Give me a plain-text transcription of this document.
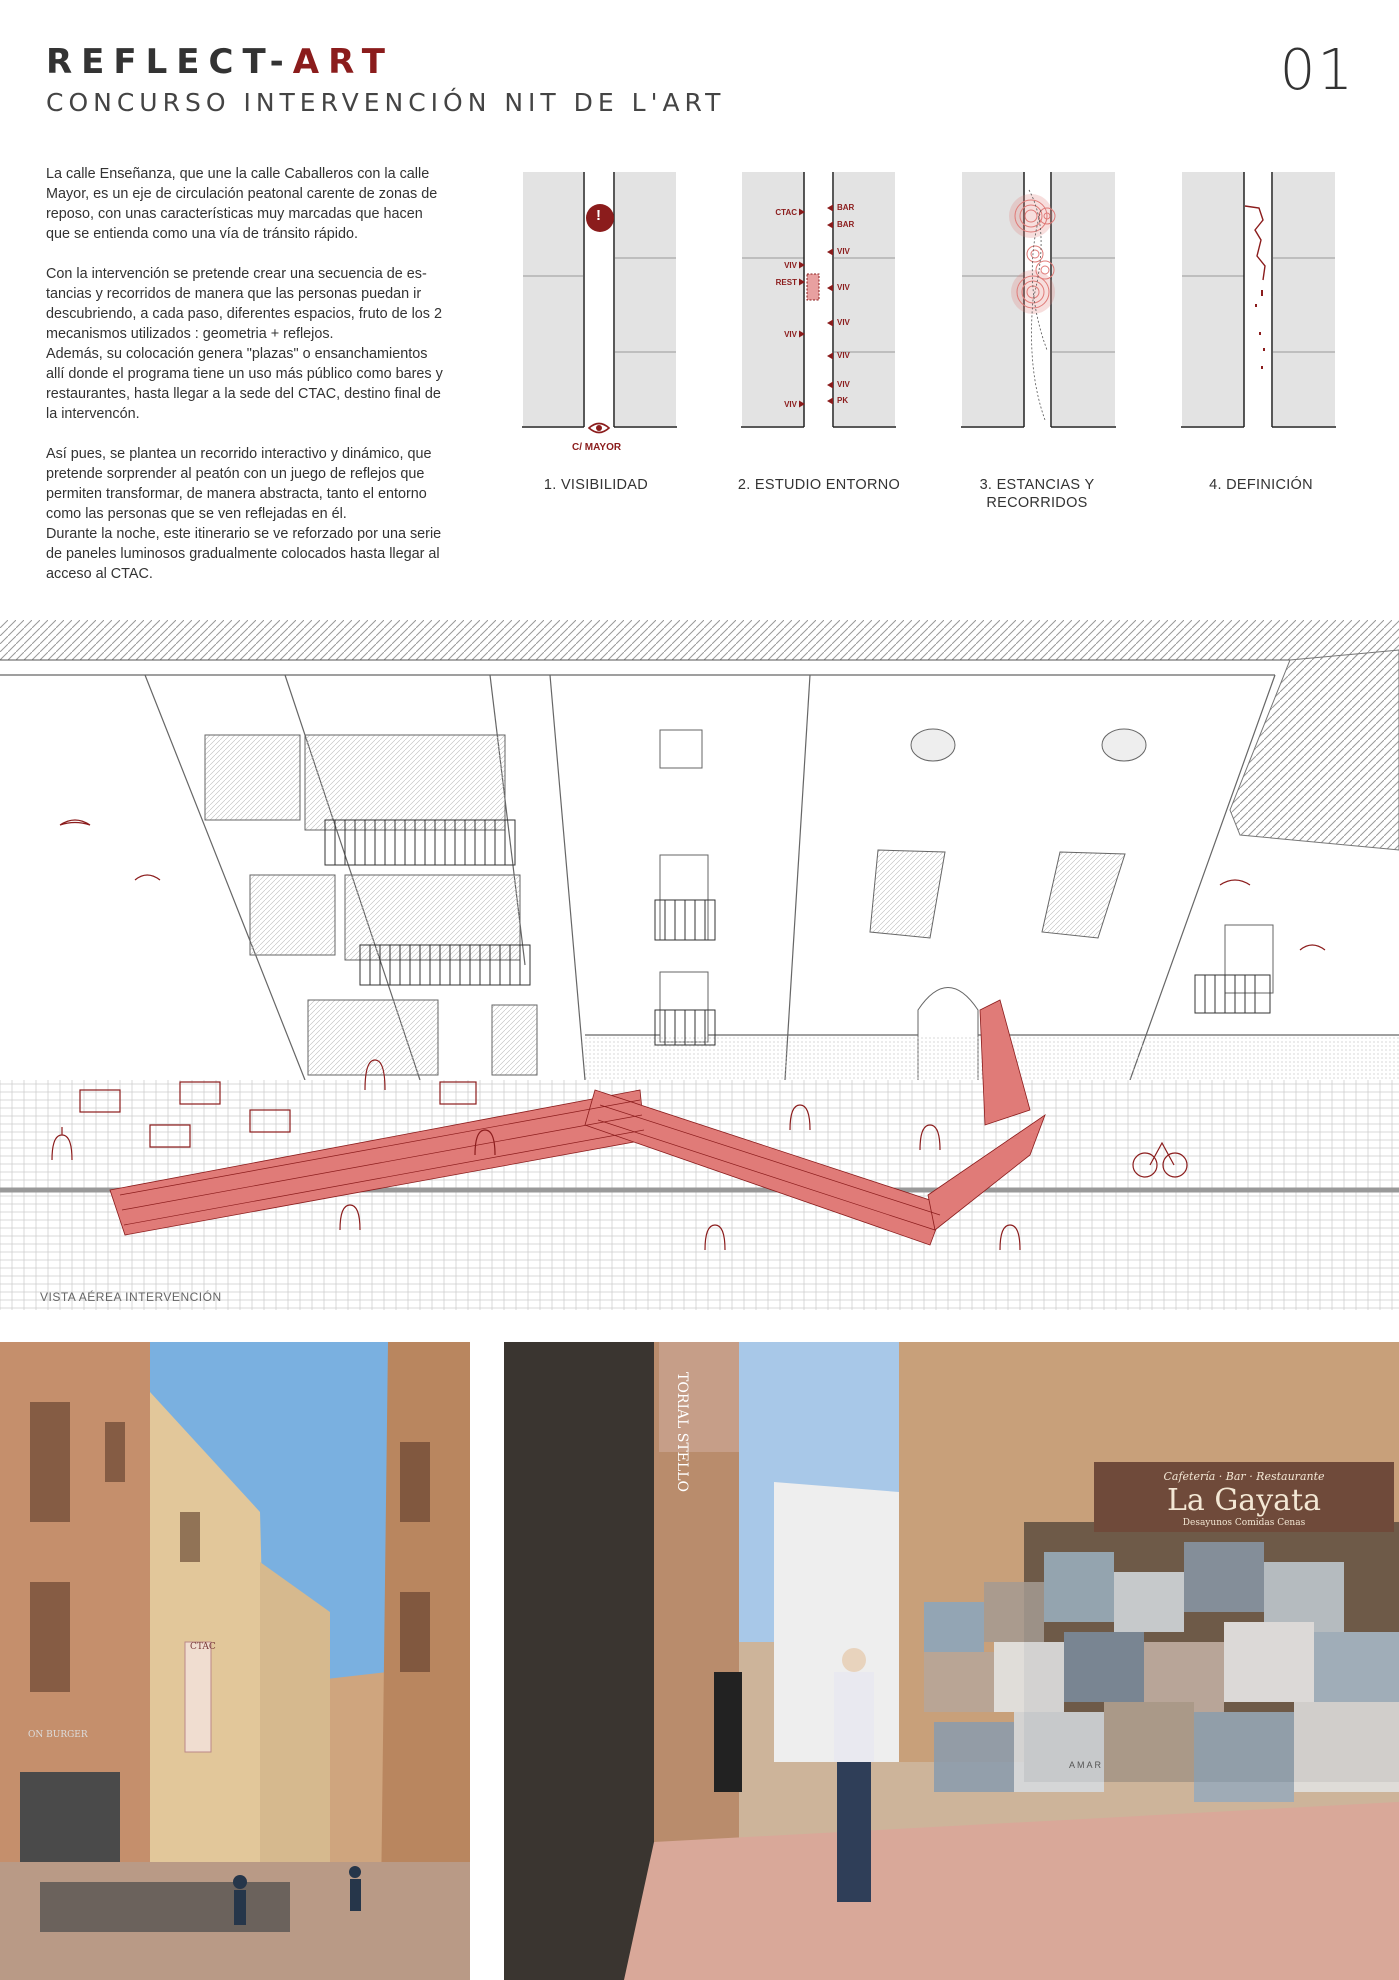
REFLECT-ART
CONCURSO INTERVENCIÓN NIT DE L'ART	01

La calle Enseñanza, que une la calle Caballeros con la calle
Mayor, es un eje de circulación peatonal carente de zonas de
reposo, con unas características muy marcadas que hacen
que se entienda como una vía de tránsito rápido.

Con la intervención se pretende crear una secuencia de es-
tancias y recorridos de manera que las personas puedan ir
descubriendo, a cada paso, diferentes espacios, fruto de los 2
mecanismos utilizados : geometria + reflejos.
Además, su colocación genera "plazas" o ensanchamientos
allí donde el programa tiene un uso más público como bares y
restaurantes, hasta llegar a la sede del CTAC, destino final de
la intervencón.

Así pues, se plantea un recorrido interactivo y dinámico, que
pretende sorprender al peatón con un juego de reflejos que
permiten transformar, de manera abstracta, tanto el entorno
como las personas que se ven reflejadas en él.
Durante la noche, este itinerario se ve reforzado por una serie
de paneles luminosos gradualmente colocados hasta llegar al
acceso al CTAC.

!
C/ MAYOR
1. VISIBILIDAD
CTAC
VIV
REST
VIV
VIV
BAR
BAR
VIV
VIV
VIV
VIV
VIV
PK
2. ESTUDIO ENTORNO	3. ESTANCIAS Y
RECORRIDOS
4. DEFINICIÓN
VISTA AÉREA INTERVENCIÓN
CTAC
ON BURGER
TORIAL STELLO	Cafetería · Bar · Restaurante
La Gayata
Desayunos Comidas Cenas
AMAR
